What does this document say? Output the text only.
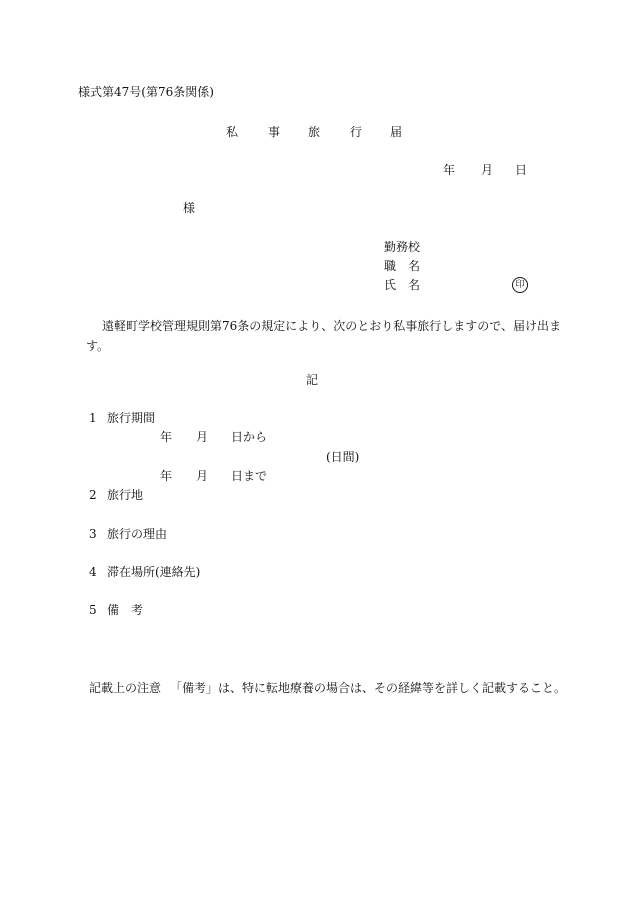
様式第47号(第76条関係)
私 事 旅 行 届
年 月 日
様
勤務校
職　名
氏　名	印
遠軽町学校管理規則第76条の規定により、次のとおり私事旅行しますので、届け出ま
す。
記
1 旅行期間
年 月 日から
(日間)
年 月 日まで
2 旅行地
3 旅行の理由
4 滞在場所(連絡先)
5 備　考
記載上の注意 「備考」は、特に転地療養の場合は、その経緯等を詳しく記載すること。
